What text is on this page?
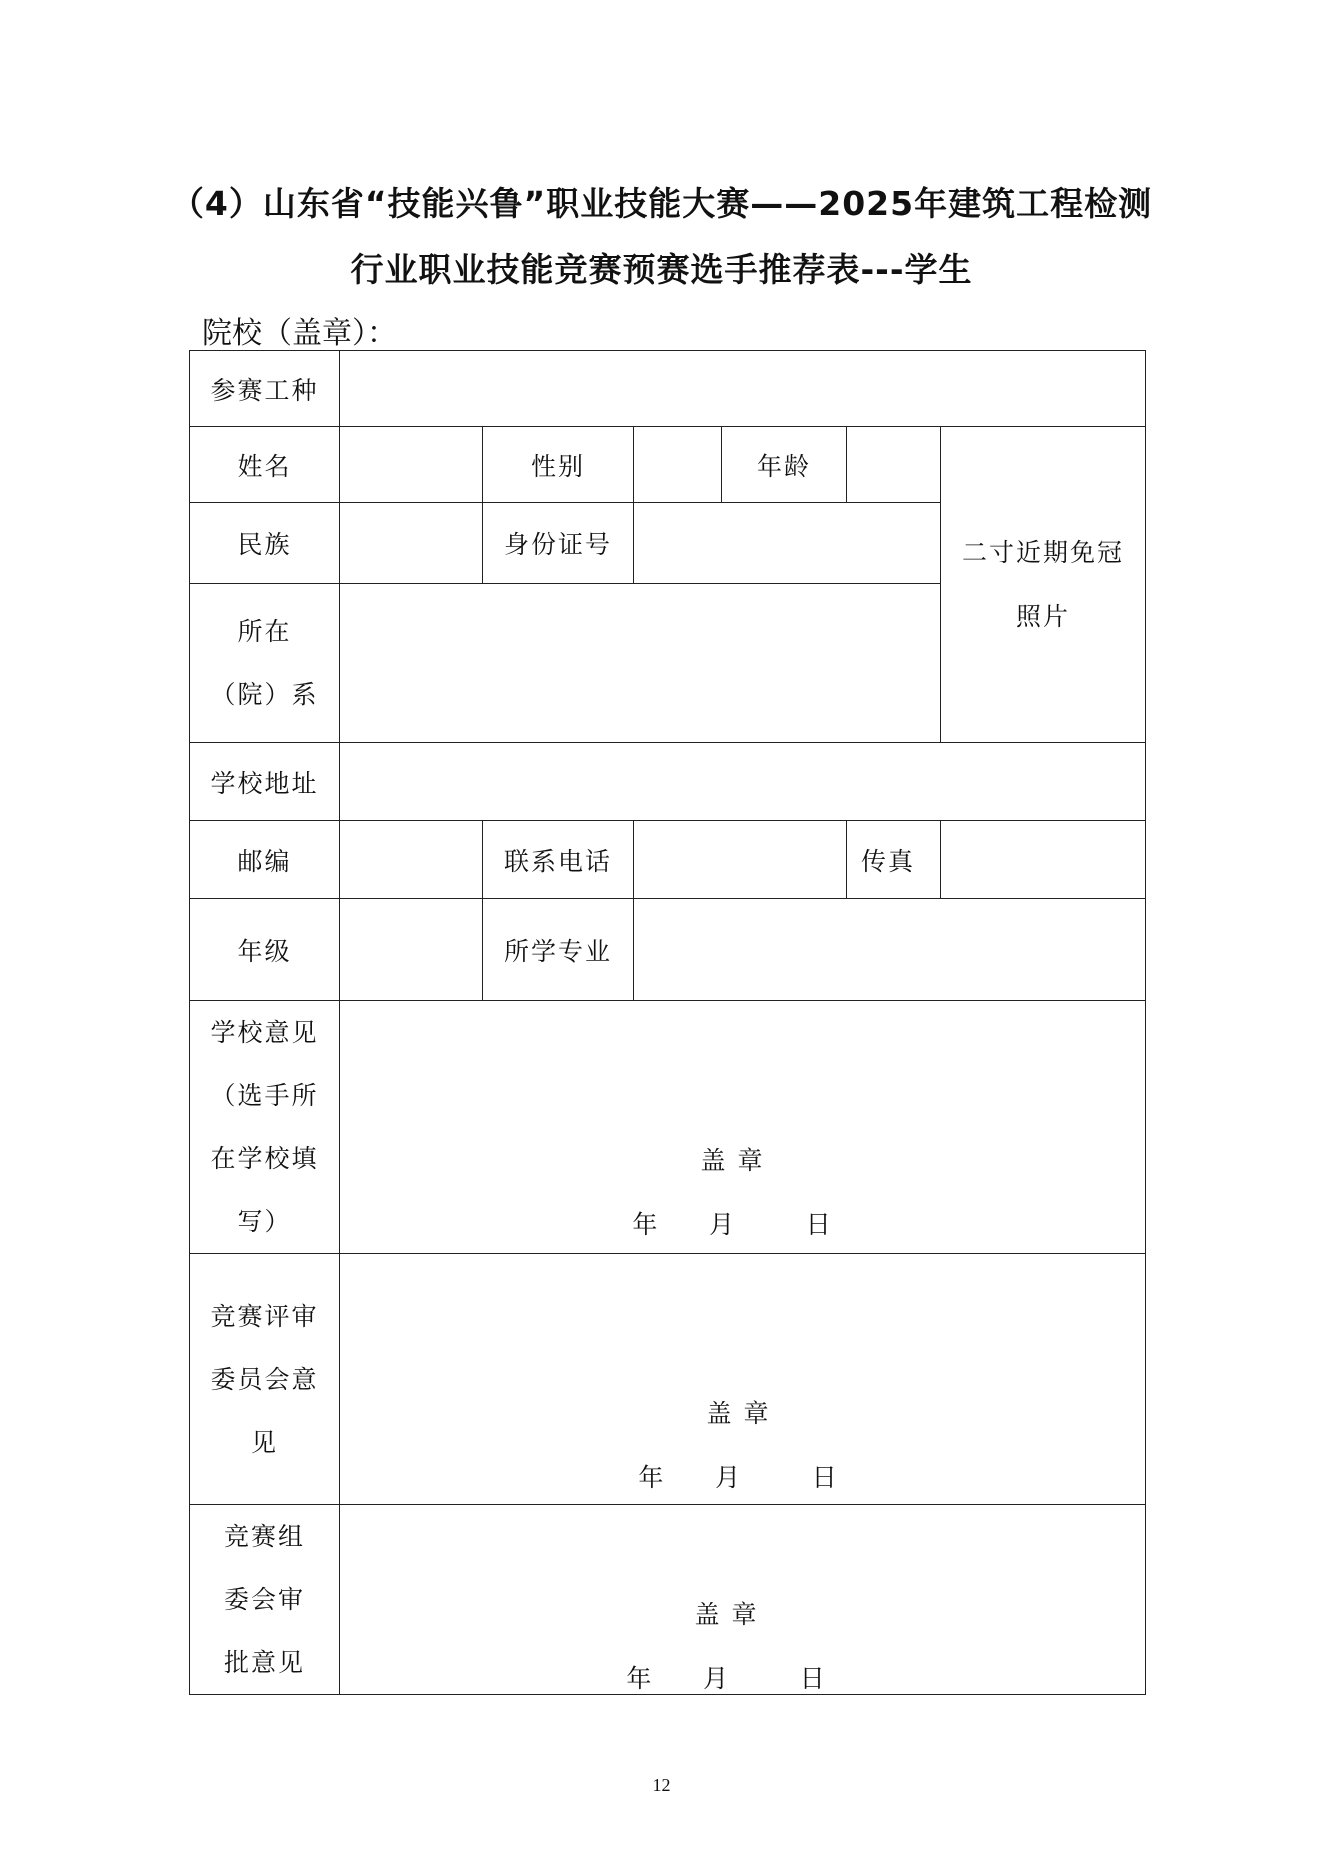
（4）山东省“技能兴鲁”职业技能大赛——2025年建筑工程检测
行业职业技能竞赛预赛选手推荐表---学生
院校（盖章）：
参赛工种						
姓名		性别		年龄		二寸近期免冠
照片

民族		身份证号				

所在
（院）系						

学校地址						
邮编		联系电话			传真	
年级		所学专业				

学校意见
（选手所
在学校填
写）	盖 章
年     月       日					

竞赛评审
委员会意
见	盖 章
年     月       日					

竞赛组
委会审
批意见	盖 章
年     月       日					
12
